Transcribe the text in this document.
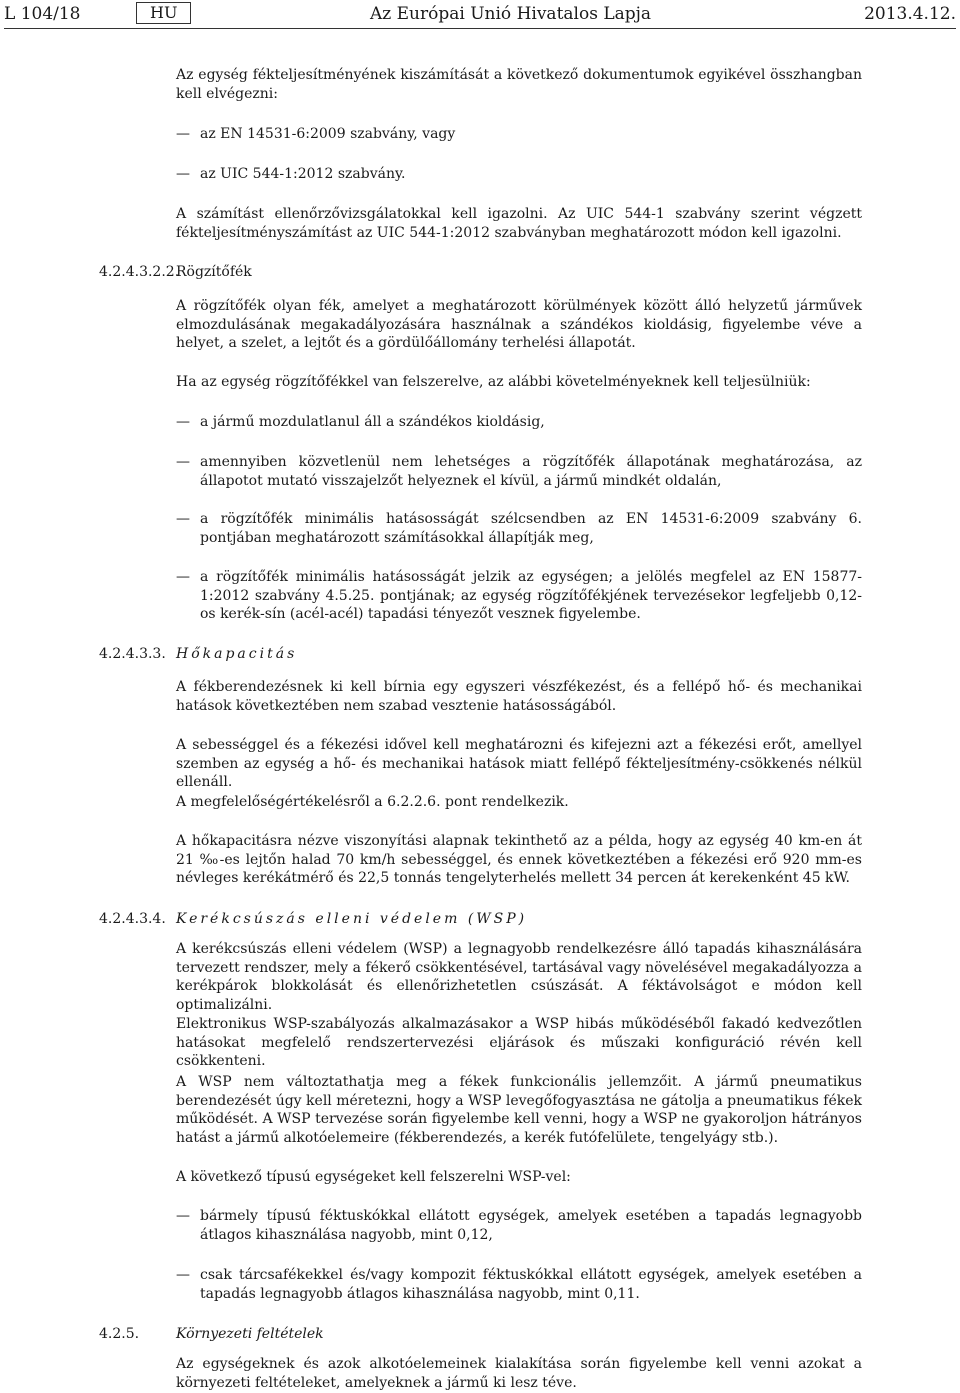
L 104/18	HU	Az Európai Unió Hivatalos Lapja	2013.4.12.
Az egység fékteljesítményének kiszámítását a következő dokumentumok egyikével összhangban kell elvégezni:
— az EN 14531-6:2009 szabvány, vagy
— az UIC 544-1:2012 szabvány.
A számítást ellenőrzővizsgálatokkal kell igazolni. Az UIC 544-1 szabvány szerint végzett fékteljesítményszámítást az UIC 544-1:2012 szabványban meghatározott módon kell igazolni.
4.2.4.3.2.2.
Rögzítőfék
A rögzítőfék olyan fék, amelyet a meghatározott körülmények között álló helyzetű járművek elmozdulásának megakadályozására használnak a szándékos kioldásig, figyelembe véve a helyet, a szelet, a lejtőt és a gördülőállomány terhelési állapotát.
Ha az egység rögzítőfékkel van felszerelve, az alábbi követelményeknek kell teljesülniük:
— a jármű mozdulatlanul áll a szándékos kioldásig,
— amennyiben közvetlenül nem lehetséges a rögzítőfék állapotának meghatározása, az állapotot mutató visszajelzőt helyeznek el kívül, a jármű mindkét oldalán,
— a rögzítőfék minimális hatásosságát szélcsendben az EN 14531-6:2009 szabvány 6. pontjában meghatározott számításokkal állapítják meg,
— a rögzítőfék minimális hatásosságát jelzik az egységen; a jelölés megfelel az EN 15877-1:2012 szabvány 4.5.25. pontjának; az egység rögzítőfékjének tervezésekor legfeljebb 0,12-os kerék-sín (acél-acél) tapadási tényezőt vesznek figyelembe.
4.2.4.3.3. Hőkapacitás
A fékberendezésnek ki kell bírnia egy egyszeri vészfékezést, és a fellépő hő- és mechanikai hatások következtében nem szabad vesztenie hatásosságából.
A sebességgel és a fékezési idővel kell meghatározni és kifejezni azt a fékezési erőt, amellyel szemben az egység a hő- és mechanikai hatások miatt fellépő fékteljesítmény-csökkenés nélkül ellenáll.
A megfelelőségértékelésről a 6.2.2.6. pont rendelkezik.
A hőkapacitásra nézve viszonyítási alapnak tekinthető az a példa, hogy az egység 40 km-en át 21 ‰-es lejtőn halad 70 km/h sebességgel, és ennek következtében a fékezési erő 920 mm-es névleges kerékátmérő és 22,5 tonnás tengelyterhelés mellett 34 percen át kerekenként 45 kW.
4.2.4.3.4. Kerékcsúszás elleni védelem (WSP)
A kerékcsúszás elleni védelem (WSP) a legnagyobb rendelkezésre álló tapadás kihasználására tervezett rendszer, mely a fékerő csökkentésével, tartásával vagy növelésével megakadályozza a kerékpárok blokkolását és ellenőrizhetetlen csúszását. A féktávolságot e módon kell optimalizálni.
Elektronikus WSP-szabályozás alkalmazásakor a WSP hibás működéséből fakadó kedvezőtlen hatásokat megfelelő rendszertervezési eljárások és műszaki konfiguráció révén kell csökkenteni.
A WSP nem változtathatja meg a fékek funkcionális jellemzőit. A jármű pneumatikus berendezését úgy kell méretezni, hogy a WSP levegőfogyasztása ne gátolja a pneumatikus fékek működését. A WSP tervezése során figyelembe kell venni, hogy a WSP ne gyakoroljon hátrányos hatást a jármű alkotóelemeire (fékberendezés, a kerék futófelülete, tengelyágy stb.).
A következő típusú egységeket kell felszerelni WSP-vel:
— bármely típusú féktuskókkal ellátott egységek, amelyek esetében a tapadás legnagyobb átlagos kihasználása nagyobb, mint 0,12,
— csak tárcsafékekkel és/vagy kompozit féktuskókkal ellátott egységek, amelyek esetében a tapadás legnagyobb átlagos kihasználása nagyobb, mint 0,11.
4.2.5.	Környezeti feltételek
Az egységeknek és azok alkotóelemeinek kialakítása során figyelembe kell venni azokat a környezeti feltételeket, amelyeknek a jármű ki lesz téve.
